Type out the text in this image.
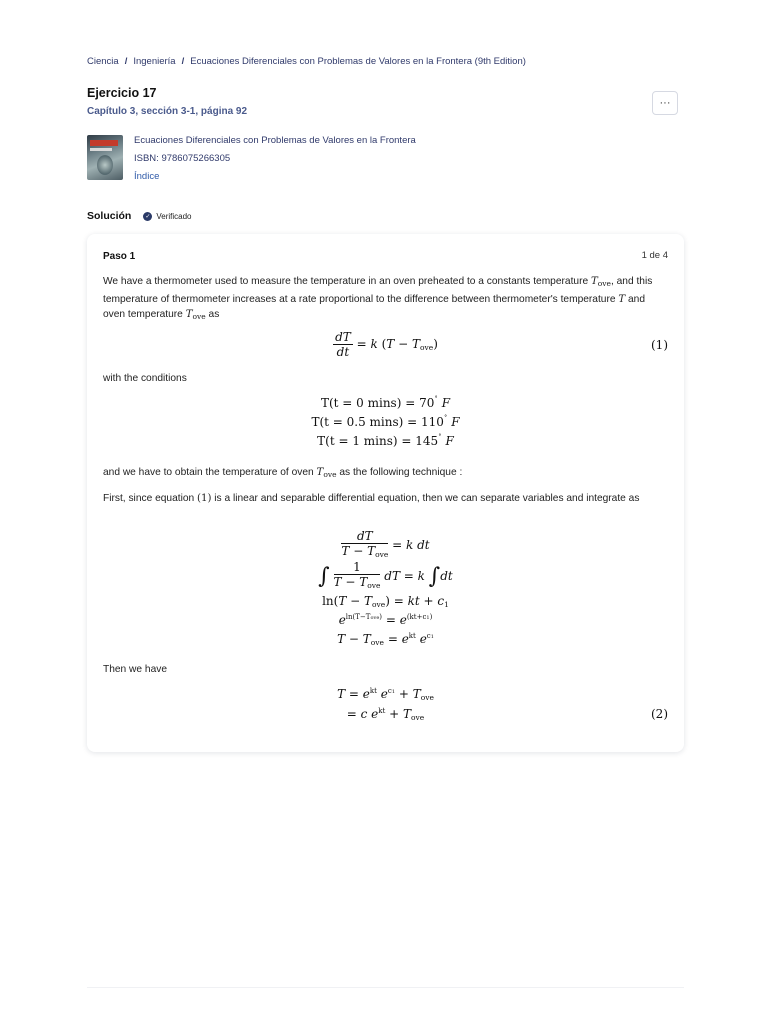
Ciencia / Ingeniería / Ecuaciones Diferenciales con Problemas de Valores en la Frontera (9th Edition)
Ejercicio 17
Capítulo 3, sección 3-1, página 92
···
Ecuaciones Diferenciales con Problemas de Valores en la Frontera
ISBN: 9786075266305
Índice
Solución	✓ Verificado
Paso 1	1 de 4
We have a thermometer used to measure the temperature in an oven preheated to a constants temperature $T_{ove}$, and this temperature of thermometer increases at a rate proportional to the difference between thermometer's temperature T and oven temperature $T_{ove}$ as
$\frac{dT}{dt} = k$ $(T - T_{ove})$	(1)
with the conditions
T(t = 0 mins) = 70˚ F
T(t = 0.5 mins) = 110˚ F
T(t = 1 mins) = 145˚ F
and we have to obtain the temperature of oven $T_{ove}$ as the following technique :
First, since equation (1) is a linear and separable differential equation, then we can separate variables and integrate as
$\frac{dT}{T - T_{ove}} = k$ dt
∫ $\frac{1}{T - T_{ove}}$ dT = k ∫dt
$\ln(T - T_{ove})$ = kt + $c_1$
$e^{ln(T-Tove)} = e^{(kt+c1)}$
$T - T_{ove} = e^{kt}$ $e^{c1}$
Then we have
$T = e^{kt}$ $e^{c1} + T_{ove}$
= c $e^{kt} + T_{ove}$	(2)
